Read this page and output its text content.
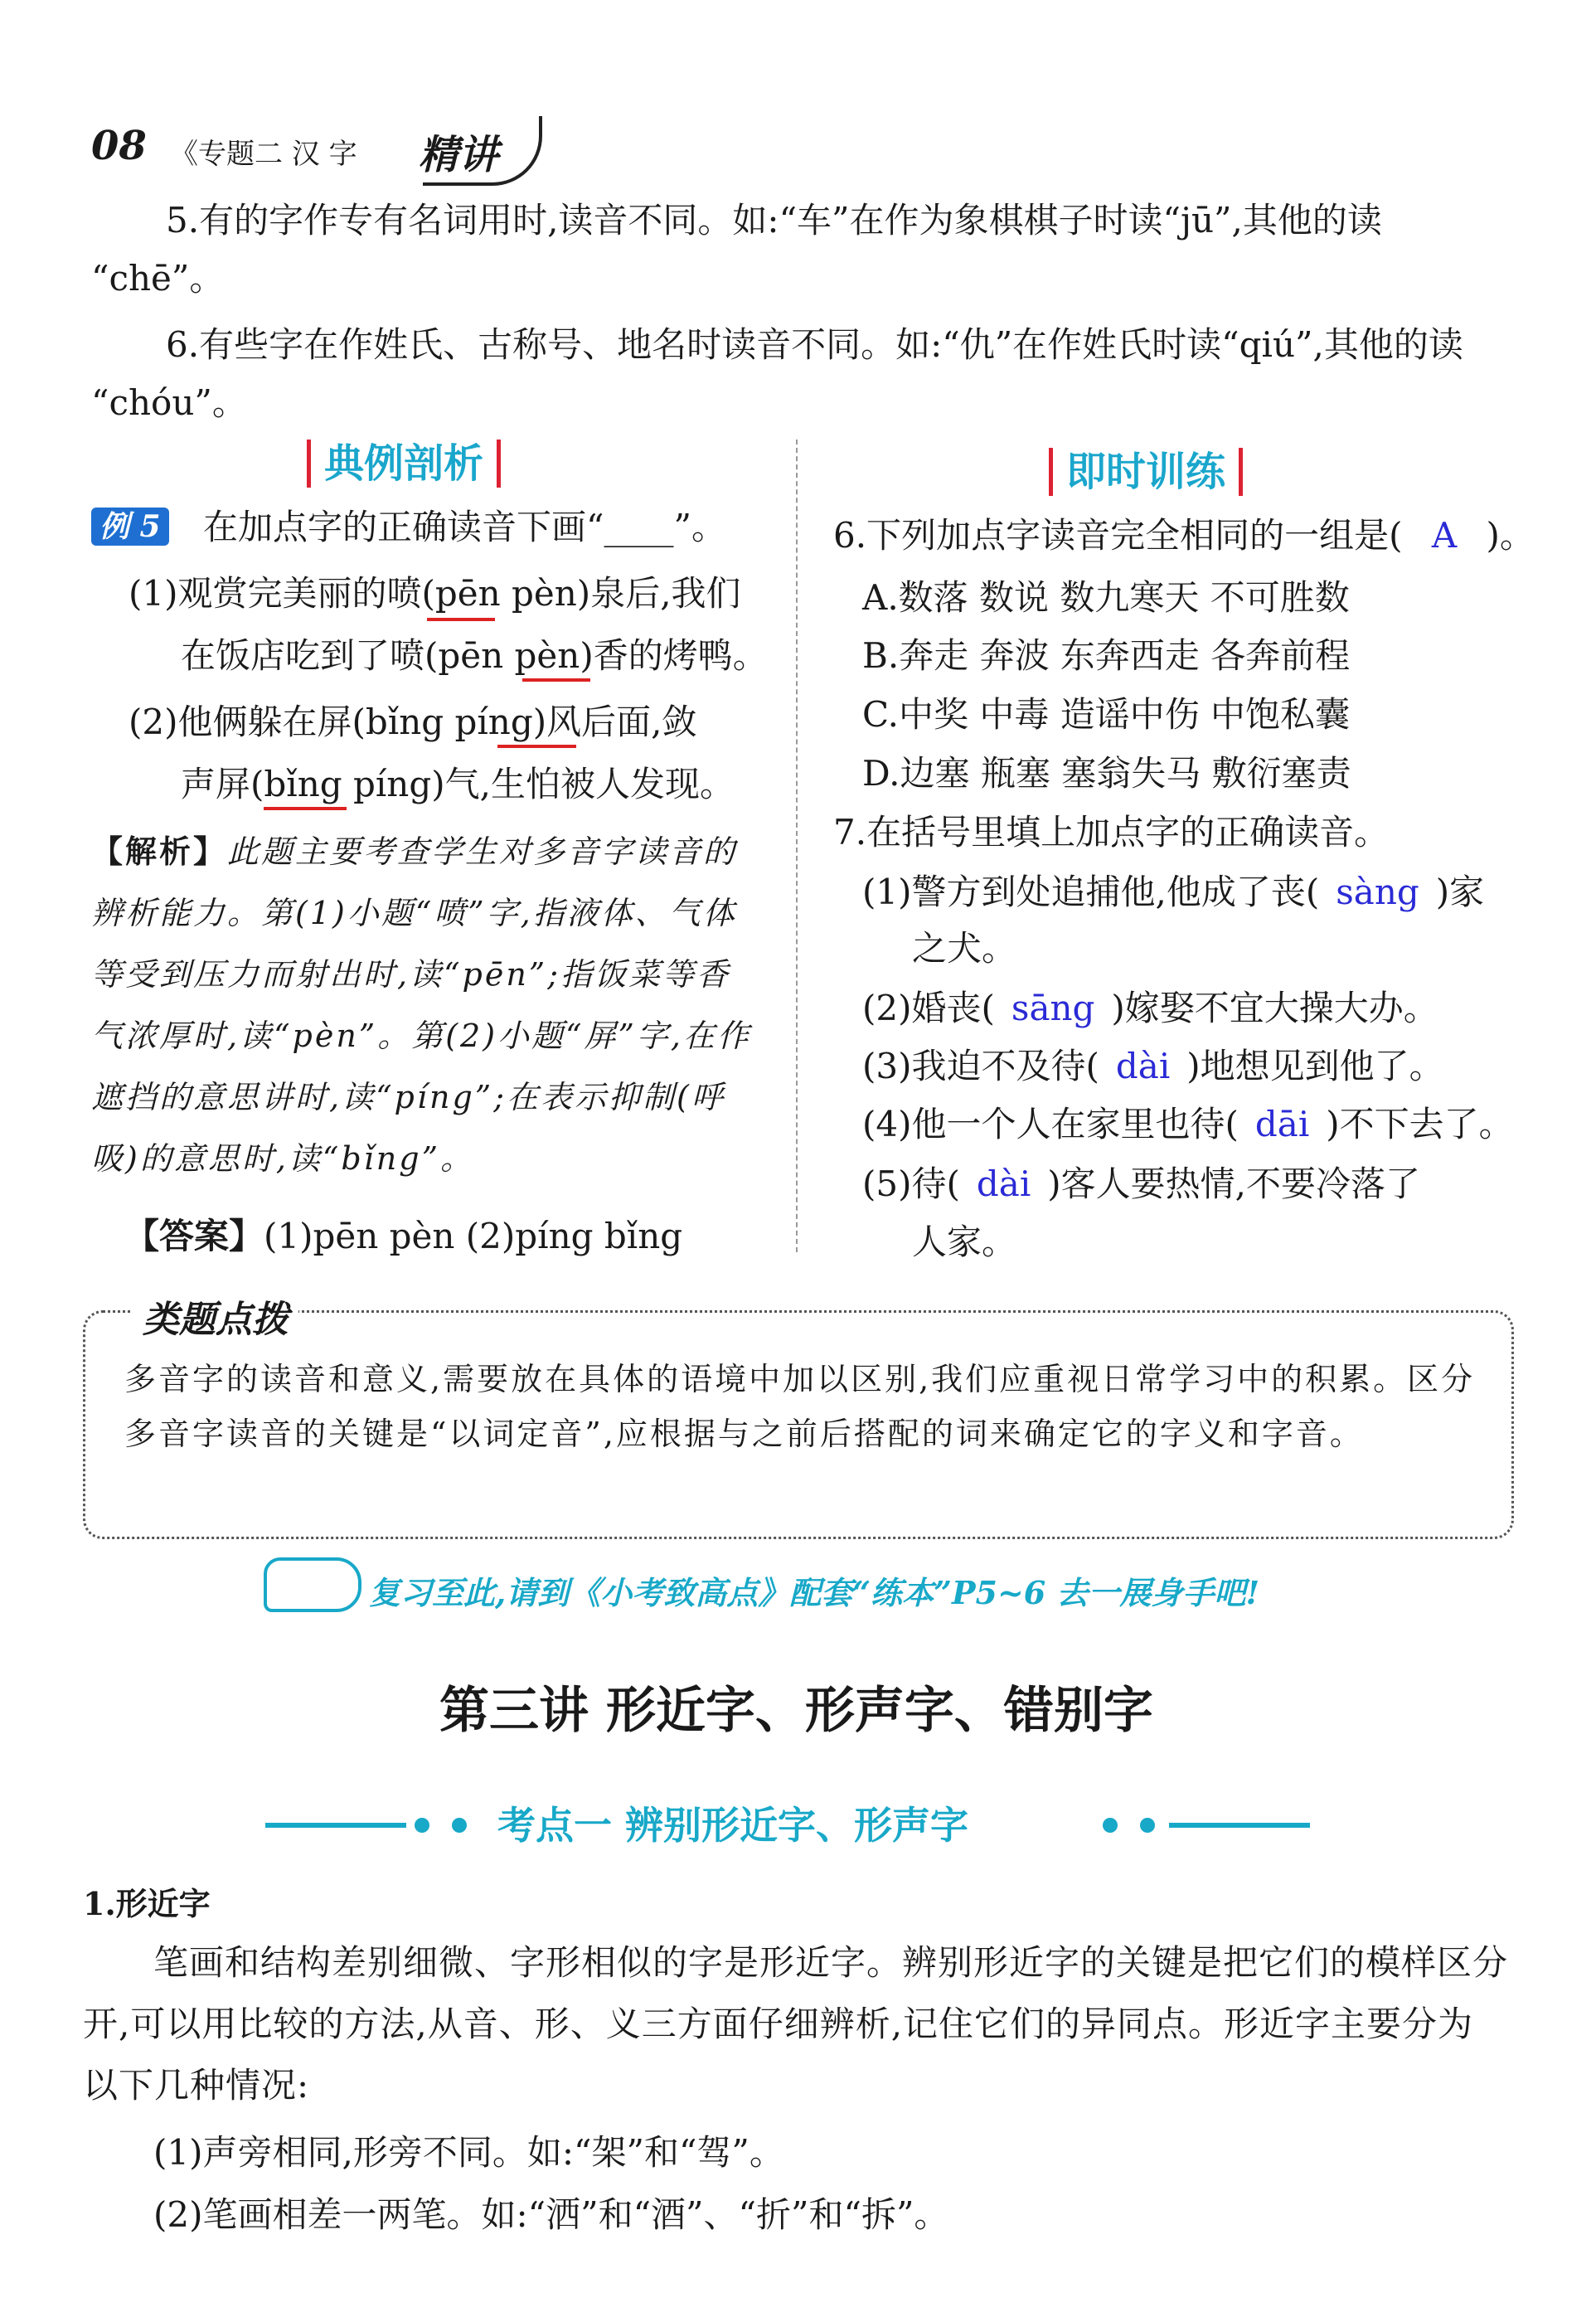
08 《专题二 汉 字 精讲
5.有的字作专有名词用时,读音不同。如:“车”在作为象棋棋子时读“jū”,其他的读
“chē”。
6.有些字在作姓氏、古称号、地名时读音不同。如:“仇”在作姓氏时读“qiú”,其他的读
“chóu”。
典例剖析
例 5 在加点字的正确读音下画“____”。
(1)观赏完美丽的喷(pēn pèn)泉后,我们
在饭店吃到了喷(pēn pèn)香的烤鸭。
(2)他俩躲在屏(bǐng píng)风后面,敛
声屏(bǐng píng)气,生怕被人发现。
【解析】此题主要考查学生对多音字读音的辨析能力。第(1)小题“喷”字,指液体、气体等受到压力而射出时,读“pēn”;指饭菜等香气浓厚时,读“pèn”。第(2)小题“屏”字,在作遮挡的意思讲时,读“píng”;在表示抑制(呼吸)的意思时,读“bǐng”。
【答案】(1)pēn pèn (2)píng bǐng
即时训练
6.下列加点字读音完全相同的一组是( A )。
A.数落 数说 数九寒天 不可胜数
B.奔走 奔波 东奔西走 各奔前程
C.中奖 中毒 造谣中伤 中饱私囊
D.边塞 瓶塞 塞翁失马 敷衍塞责
7.在括号里填上加点字的正确读音。
(1)警方到处追捕他,他成了丧( sàng )家
之犬。
(2)婚丧( sāng )嫁娶不宜大操大办。
(3)我迫不及待( dài )地想见到他了。
(4)他一个人在家里也待( dāi )不下去了。
(5)待( dài )客人要热情,不要冷落了
人家。
类题点拨
多音字的读音和意义,需要放在具体的语境中加以区别,我们应重视日常学习中的积累。区分多音字读音的关键是“以词定音”,应根据与之前后搭配的词来确定它的字义和字音。
复习至此,请到《小考致高点》配套“练本”P5~6 去一展身手吧!
第三讲 形近字、形声字、错别字
考点一 辨别形近字、形声字
1.形近字
笔画和结构差别细微、字形相似的字是形近字。辨别形近字的关键是把它们的模样区分开,可以用比较的方法,从音、形、义三方面仔细辨析,记住它们的异同点。形近字主要分为以下几种情况:
(1)声旁相同,形旁不同。如:“架”和“驾”。
(2)笔画相差一两笔。如:“洒”和“酒”、“折”和“拆”。
